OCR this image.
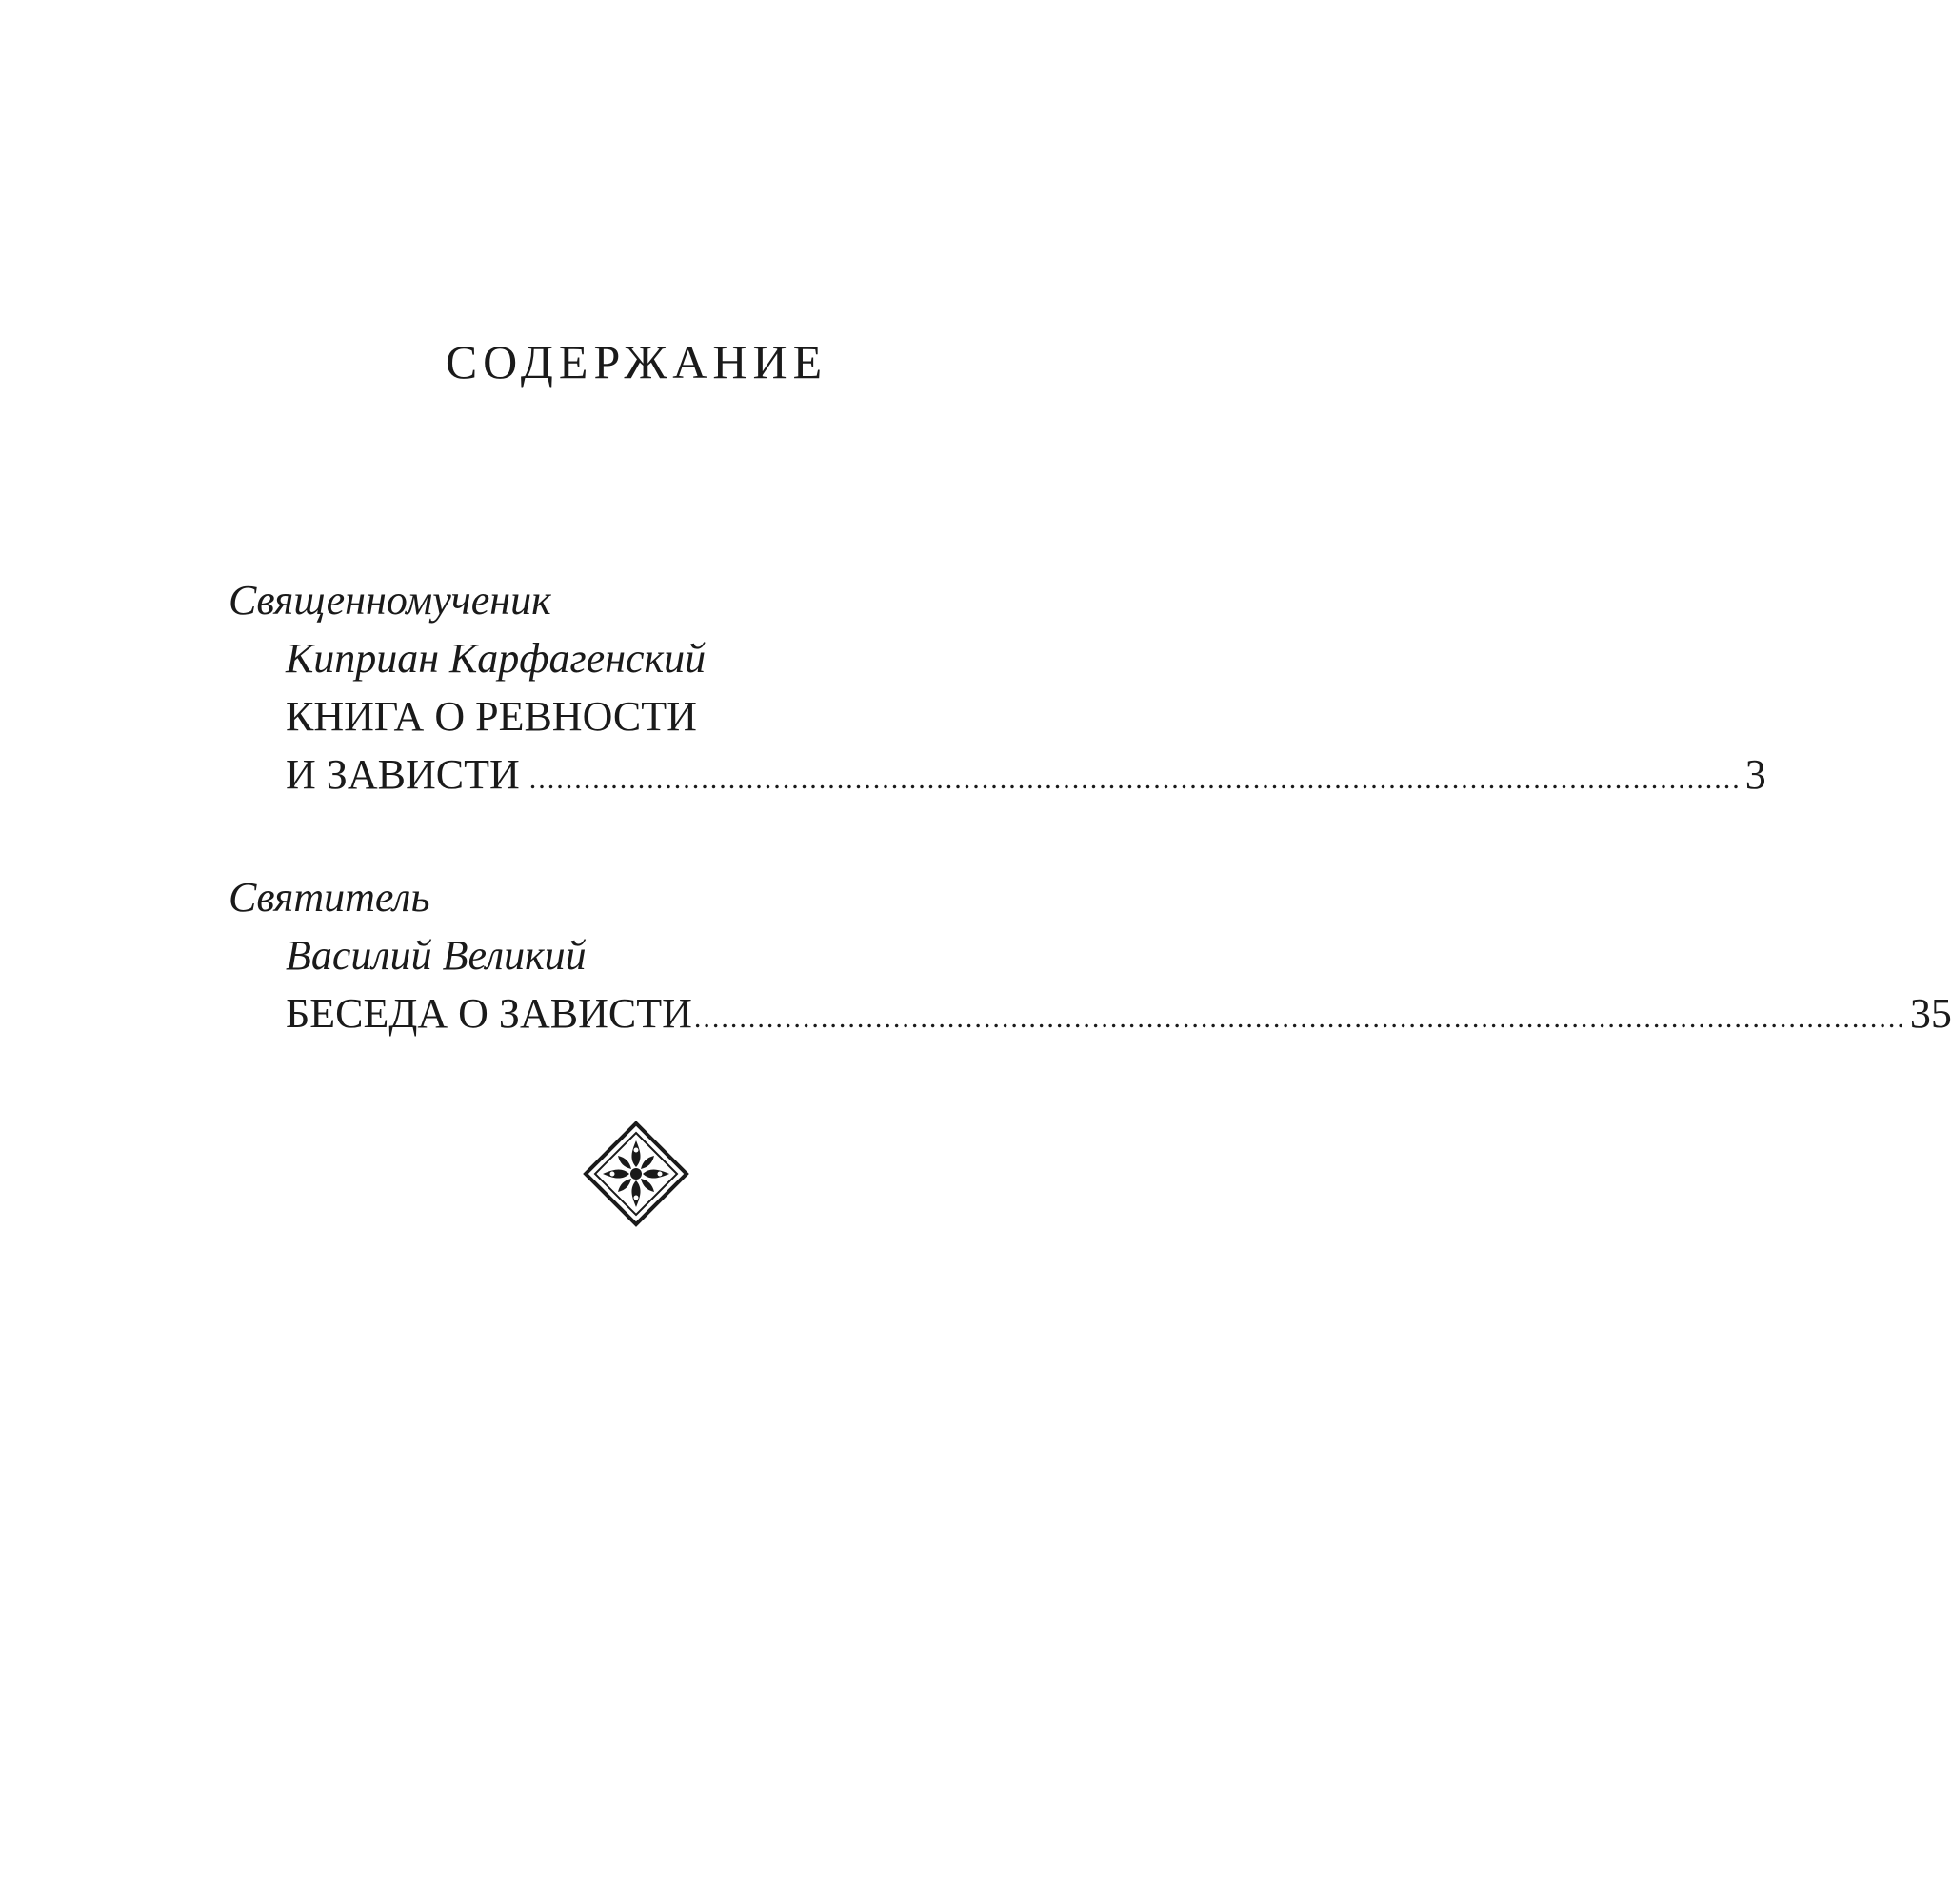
СОДЕРЖАНИЕ
Священномученик
Киприан Карфагенский
КНИГА О РЕВНОСТИ
И ЗАВИСТИ ...................................................................................................................................... 3
Святитель
Василий Великий
БЕСЕДА О ЗАВИСТИ ...................................................................................................................................... 35
